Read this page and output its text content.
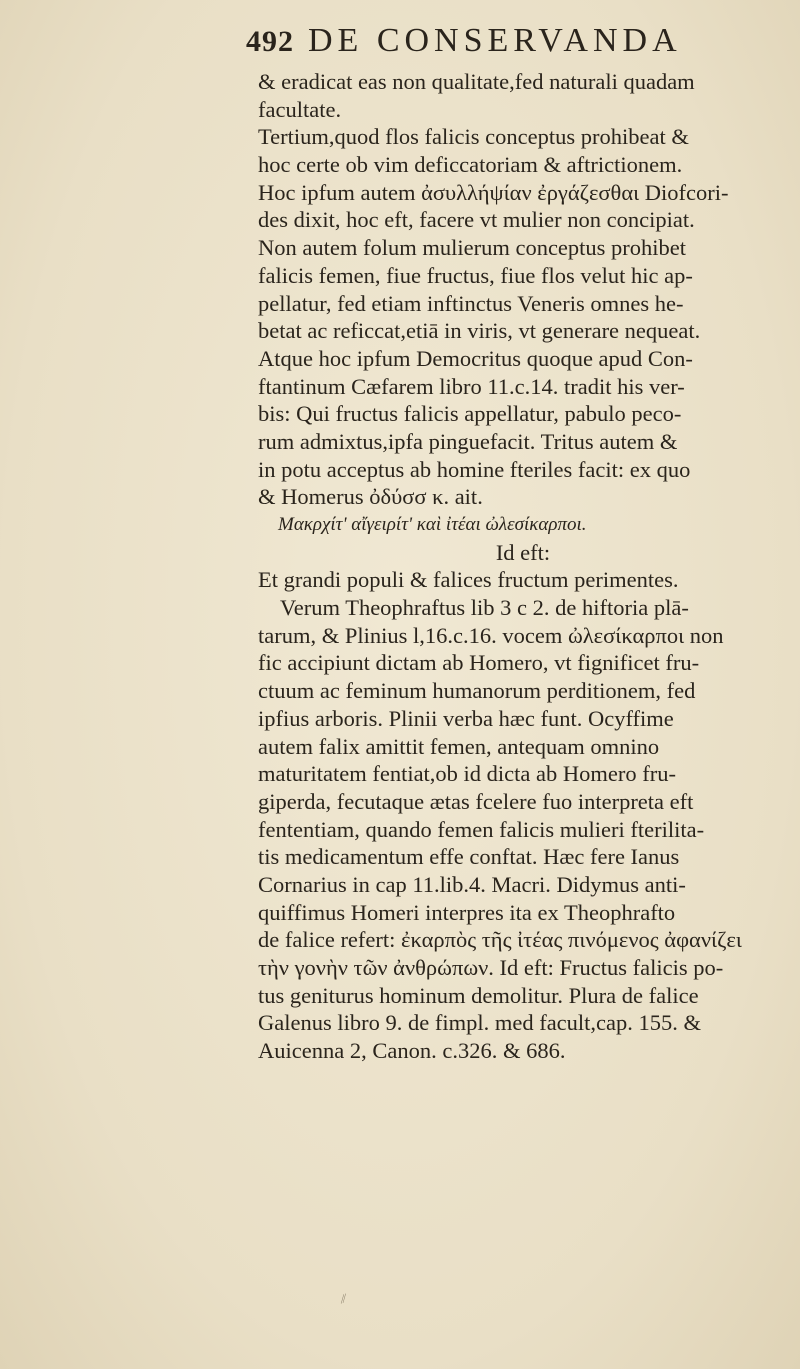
492 DE CONSERVANDA
& eradicat eas non qualitate,fed naturali quadam
facultate.
Tertium,quod flos falicis conceptus prohibeat &
hoc certe ob vim deficcatoriam & aftrictionem.
Hoc ipfum autem ἀσυλλήψίαν ἐργάζεσθαι Diofcori-
des dixit, hoc eft, facere vt mulier non concipiat.
Non autem folum mulierum conceptus prohibet
falicis femen, fiue fructus, fiue flos velut hic ap-
pellatur, fed etiam inftinctus Veneris omnes he-
betat ac reficcat,etiā in viris, vt generare nequeat.
Atque hoc ipfum Democritus quoque apud Con-
ftantinum Cæfarem libro 11.c.14. tradit his ver-
bis: Qui fructus falicis appellatur, pabulo peco-
rum admixtus,ipfa pinguefacit. Tritus autem &
in potu acceptus ab homine fteriles facit: ex quo
& Homerus ὀδύσσ κ. ait.
Μακρχίτ' αἴγειρίτ' καὶ ἰτέαι ὠλεσίκαρποι.
Id eft:
Et grandi populi & falices fructum perimentes.
Verum Theophraftus lib 3 c 2. de hiftoria plā-
tarum, & Plinius l,16.c.16. vocem ὠλεσίκαρποι non
fic accipiunt dictam ab Homero, vt fignificet fru-
ctuum ac feminum humanorum perditionem, fed
ipfius arboris. Plinii verba hæc funt. Ocyffime
autem falix amittit femen, antequam omnino
maturitatem fentiat,ob id dicta ab Homero fru-
giperda, fecutaque ætas fcelere fuo interpreta eft
fententiam, quando femen falicis mulieri fterilita-
tis medicamentum effe conftat. Hæc fere Ianus
Cornarius in cap 11.lib.4. Macri. Didymus anti-
quiffimus Homeri interpres ita ex Theophrafto
de falice refert: ἐκαρπὸς τῆς ἰτέας πινόμενος ἀφανίζει
τὴν γονὴν τῶν ἀνθρώπων. Id eft: Fructus falicis po-
tus geniturus hominum demolitur. Plura de falice
Galenus libro 9. de fimpl. med facult,cap. 155. &
Auicenna 2, Canon. c.326. & 686.
⁄⁄
